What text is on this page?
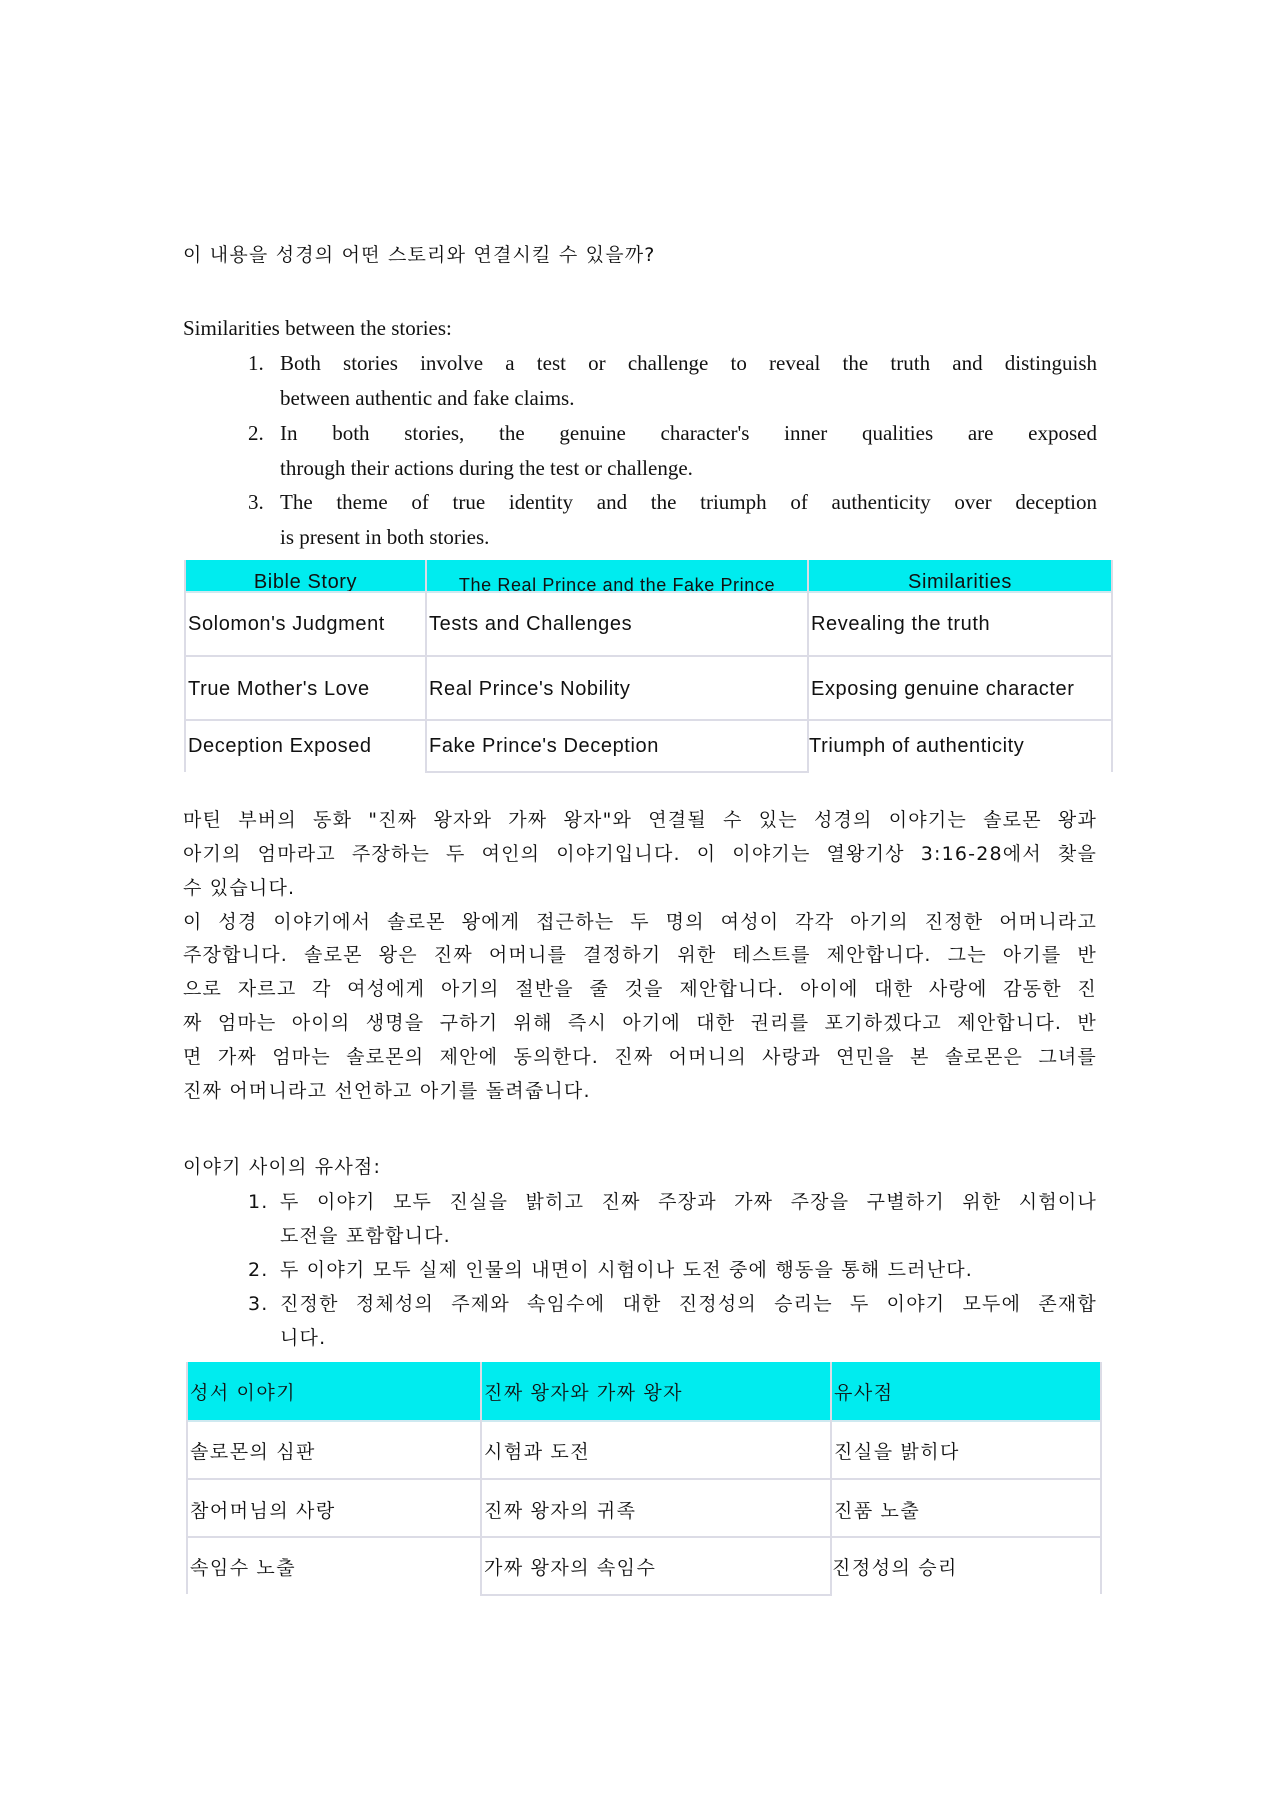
이 내용을 성경의 어떤 스토리와 연결시킬 수 있을까?
Similarities between the stories:
1. Both stories involve a test or challenge to reveal the truth and distinguish
between authentic and fake claims.
2. In both stories, the genuine character's inner qualities are exposed
through their actions during the test or challenge.
3. The theme of true identity and the triumph of authenticity over deception
is present in both stories.
Bible Story	The Real Prince and the Fake Prince	Similarities
Solomon's Judgment	Tests and Challenges	Revealing the truth
True Mother's Love	Real Prince's Nobility	Exposing genuine character
Deception Exposed	Fake Prince's Deception	Triumph of authenticity
마틴 부버의 동화 "진짜 왕자와 가짜 왕자"와 연결될 수 있는 성경의 이야기는 솔로몬 왕과
아기의 엄마라고 주장하는 두 여인의 이야기입니다. 이 이야기는 열왕기상 3:16-28에서 찾을
수 있습니다.
이 성경 이야기에서 솔로몬 왕에게 접근하는 두 명의 여성이 각각 아기의 진정한 어머니라고
주장합니다. 솔로몬 왕은 진짜 어머니를 결정하기 위한 테스트를 제안합니다. 그는 아기를 반
으로 자르고 각 여성에게 아기의 절반을 줄 것을 제안합니다. 아이에 대한 사랑에 감동한 진
짜 엄마는 아이의 생명을 구하기 위해 즉시 아기에 대한 권리를 포기하겠다고 제안합니다. 반
면 가짜 엄마는 솔로몬의 제안에 동의한다. 진짜 어머니의 사랑과 연민을 본 솔로몬은 그녀를
진짜 어머니라고 선언하고 아기를 돌려줍니다.
이야기 사이의 유사점:
1. 두 이야기 모두 진실을 밝히고 진짜 주장과 가짜 주장을 구별하기 위한 시험이나
도전을 포함합니다.
2. 두 이야기 모두 실제 인물의 내면이 시험이나 도전 중에 행동을 통해 드러난다.
3. 진정한 정체성의 주제와 속임수에 대한 진정성의 승리는 두 이야기 모두에 존재합
니다.
성서 이야기	진짜 왕자와 가짜 왕자	유사점
솔로몬의 심판	시험과 도전	진실을 밝히다
참어머님의 사랑	진짜 왕자의 귀족	진품 노출
속임수 노출	가짜 왕자의 속임수	진정성의 승리
